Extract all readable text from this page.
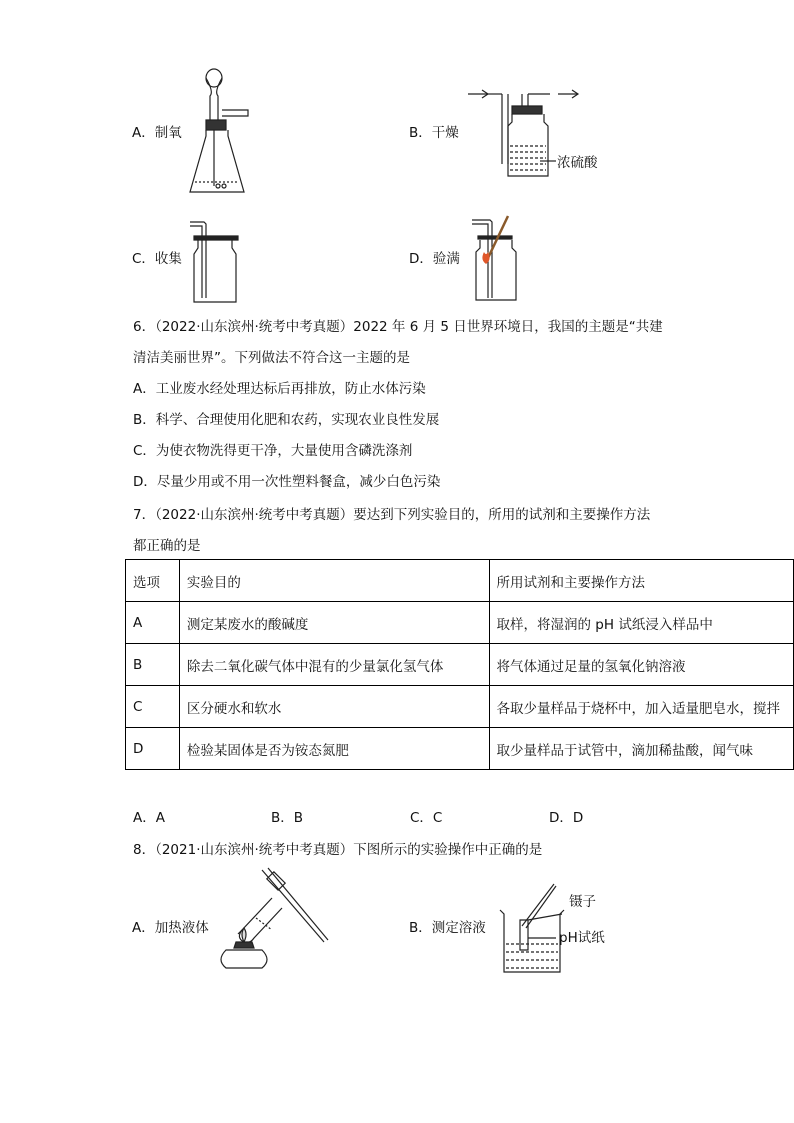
A．制氧	B．干燥
浓硫酸
C．收集	D．验满
6．（2022·山东滨州·统考中考真题）2022 年 6 月 5 日世界环境日，我国的主题是“共建
清洁美丽世界”。下列做法不符合这一主题的是
A．工业废水经处理达标后再排放，防止水体污染
B．科学、合理使用化肥和农药，实现农业良性发展
C．为使衣物洗得更干净，大量使用含磷洗涤剂
D．尽量少用或不用一次性塑料餐盒，减少白色污染
7．（2022·山东滨州·统考中考真题）要达到下列实验目的，所用的试剂和主要操作方法
都正确的是
选项	实验目的	所用试剂和主要操作方法
A	测定某废水的酸碱度	取样，将湿润的 pH 试纸浸入样品中
B	除去二氧化碳气体中混有的少量氯化氢气体	将气体通过足量的氢氧化钠溶液
C	区分硬水和软水	各取少量样品于烧杯中，加入适量肥皂水，搅拌
D	检验某固体是否为铵态氮肥	取少量样品于试管中，滴加稀盐酸，闻气味
A．A	B．B	C．C	D．D
8．（2021·山东滨州·统考中考真题）下图所示的实验操作中正确的是
A．加热液体	B．测定溶液
镊子
pH试纸
